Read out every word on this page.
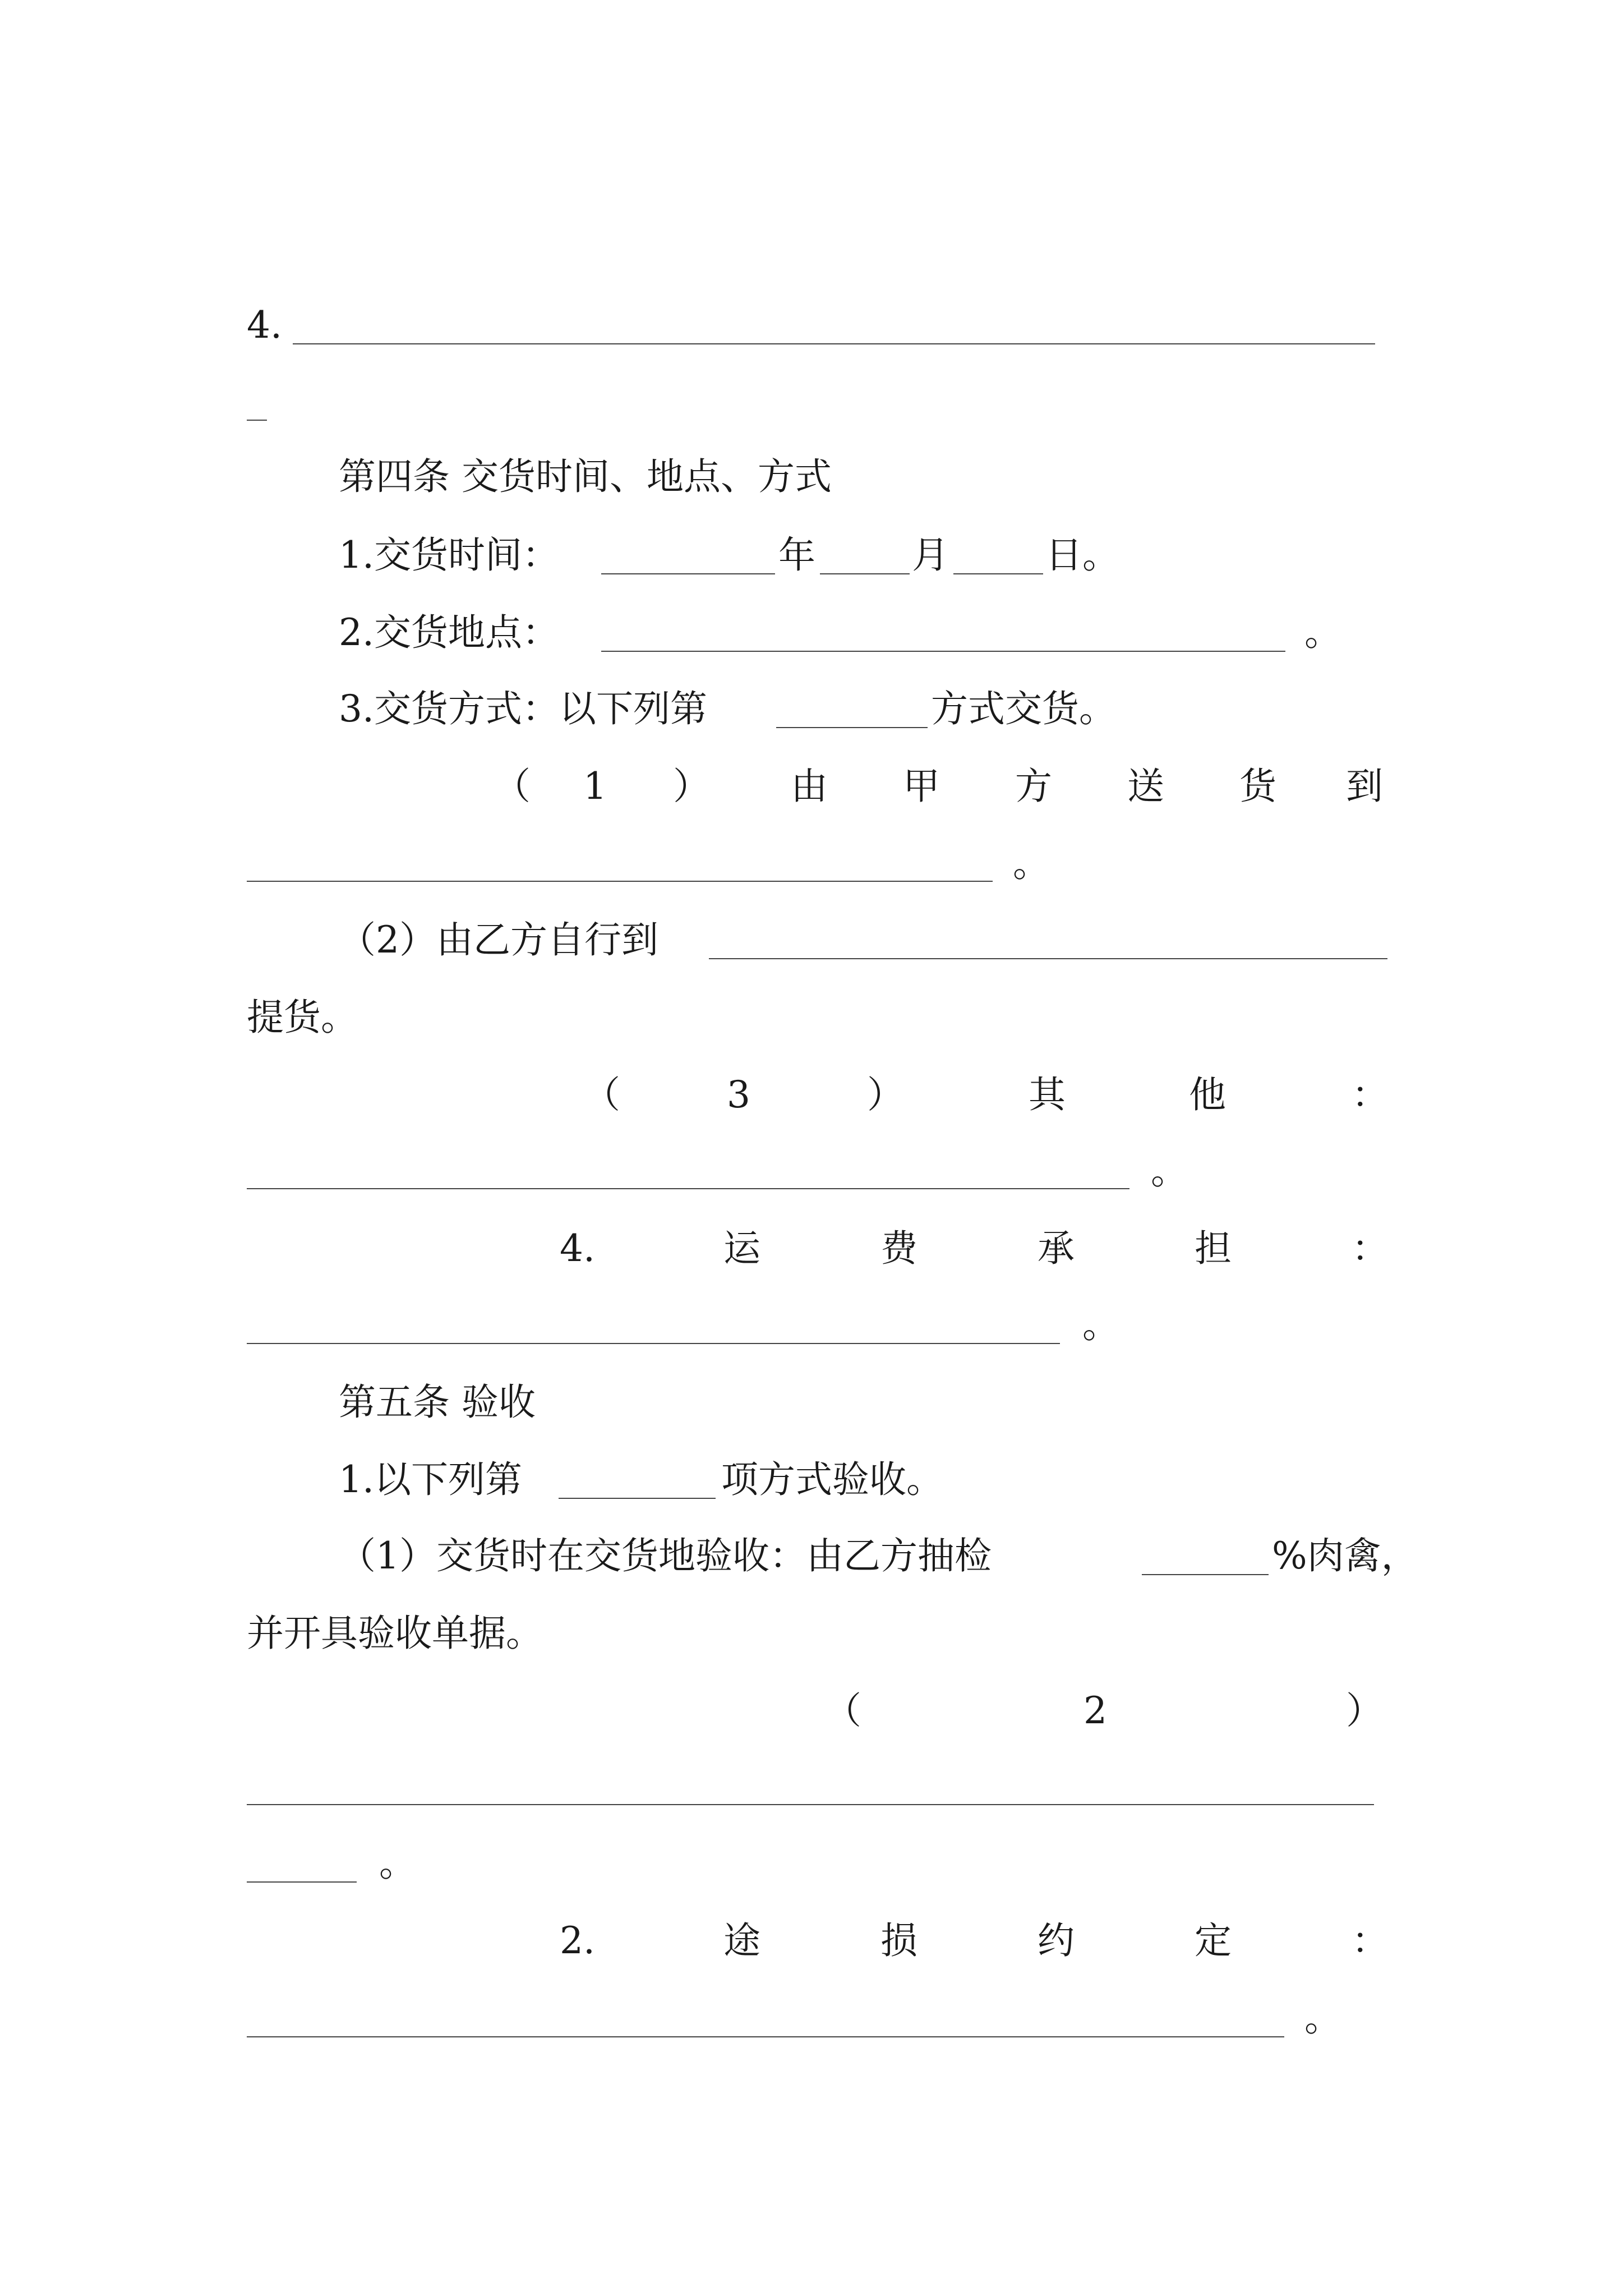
4.
第四条 交货时间、地点、方式
1.交货时间：	年	月	日。
2.交货地点：	。
3.交货方式：以下列第	方式交货。
（ 1 ） 由 甲 方 送 货 到
。
（2）由乙方自行到
提货。
（	3	）	其	他	：
。
4.	运	费	承	担	：
。
第五条 验收
1.以下列第	项方式验收。
（1）交货时在交货地验收：由乙方抽检	%肉禽，
并开具验收单据。
（	2	）
。
2.	途	损	约	定	：
。
